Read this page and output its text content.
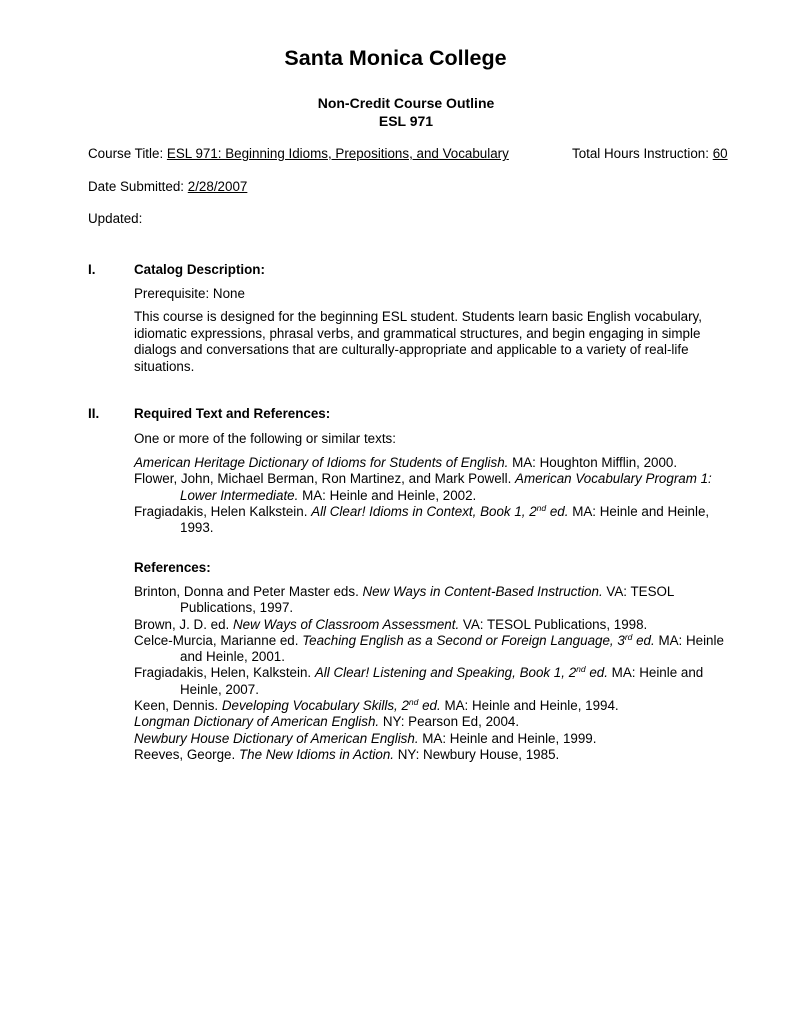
Santa Monica College
Non-Credit Course Outline
ESL 971
Course Title: ESL 971: Beginning Idioms, Prepositions, and Vocabulary	Total Hours Instruction: 60
Date Submitted: 2/28/2007
Updated:
I.	Catalog Description:
Prerequisite: None
This course is designed for the beginning ESL student. Students learn basic English vocabulary, idiomatic expressions, phrasal verbs, and grammatical structures, and begin engaging in simple dialogs and conversations that are culturally-appropriate and applicable to a variety of real-life situations.
II.	Required Text and References:
One or more of the following or similar texts:
American Heritage Dictionary of Idioms for Students of English. MA: Houghton Mifflin, 2000.
Flower, John, Michael Berman, Ron Martinez, and Mark Powell. American Vocabulary Program 1: Lower Intermediate. MA: Heinle and Heinle, 2002.
Fragiadakis, Helen Kalkstein. All Clear! Idioms in Context, Book 1, 2nd ed. MA: Heinle and Heinle, 1993.
References:
Brinton, Donna and Peter Master eds. New Ways in Content-Based Instruction. VA: TESOL Publications, 1997.
Brown, J. D. ed. New Ways of Classroom Assessment. VA: TESOL Publications, 1998.
Celce-Murcia, Marianne ed. Teaching English as a Second or Foreign Language, 3rd ed. MA: Heinle and Heinle, 2001.
Fragiadakis, Helen, Kalkstein. All Clear! Listening and Speaking, Book 1, 2nd ed. MA: Heinle and Heinle, 2007.
Keen, Dennis. Developing Vocabulary Skills, 2nd ed. MA: Heinle and Heinle, 1994.
Longman Dictionary of American English. NY: Pearson Ed, 2004.
Newbury House Dictionary of American English. MA: Heinle and Heinle, 1999.
Reeves, George. The New Idioms in Action. NY: Newbury House, 1985.
